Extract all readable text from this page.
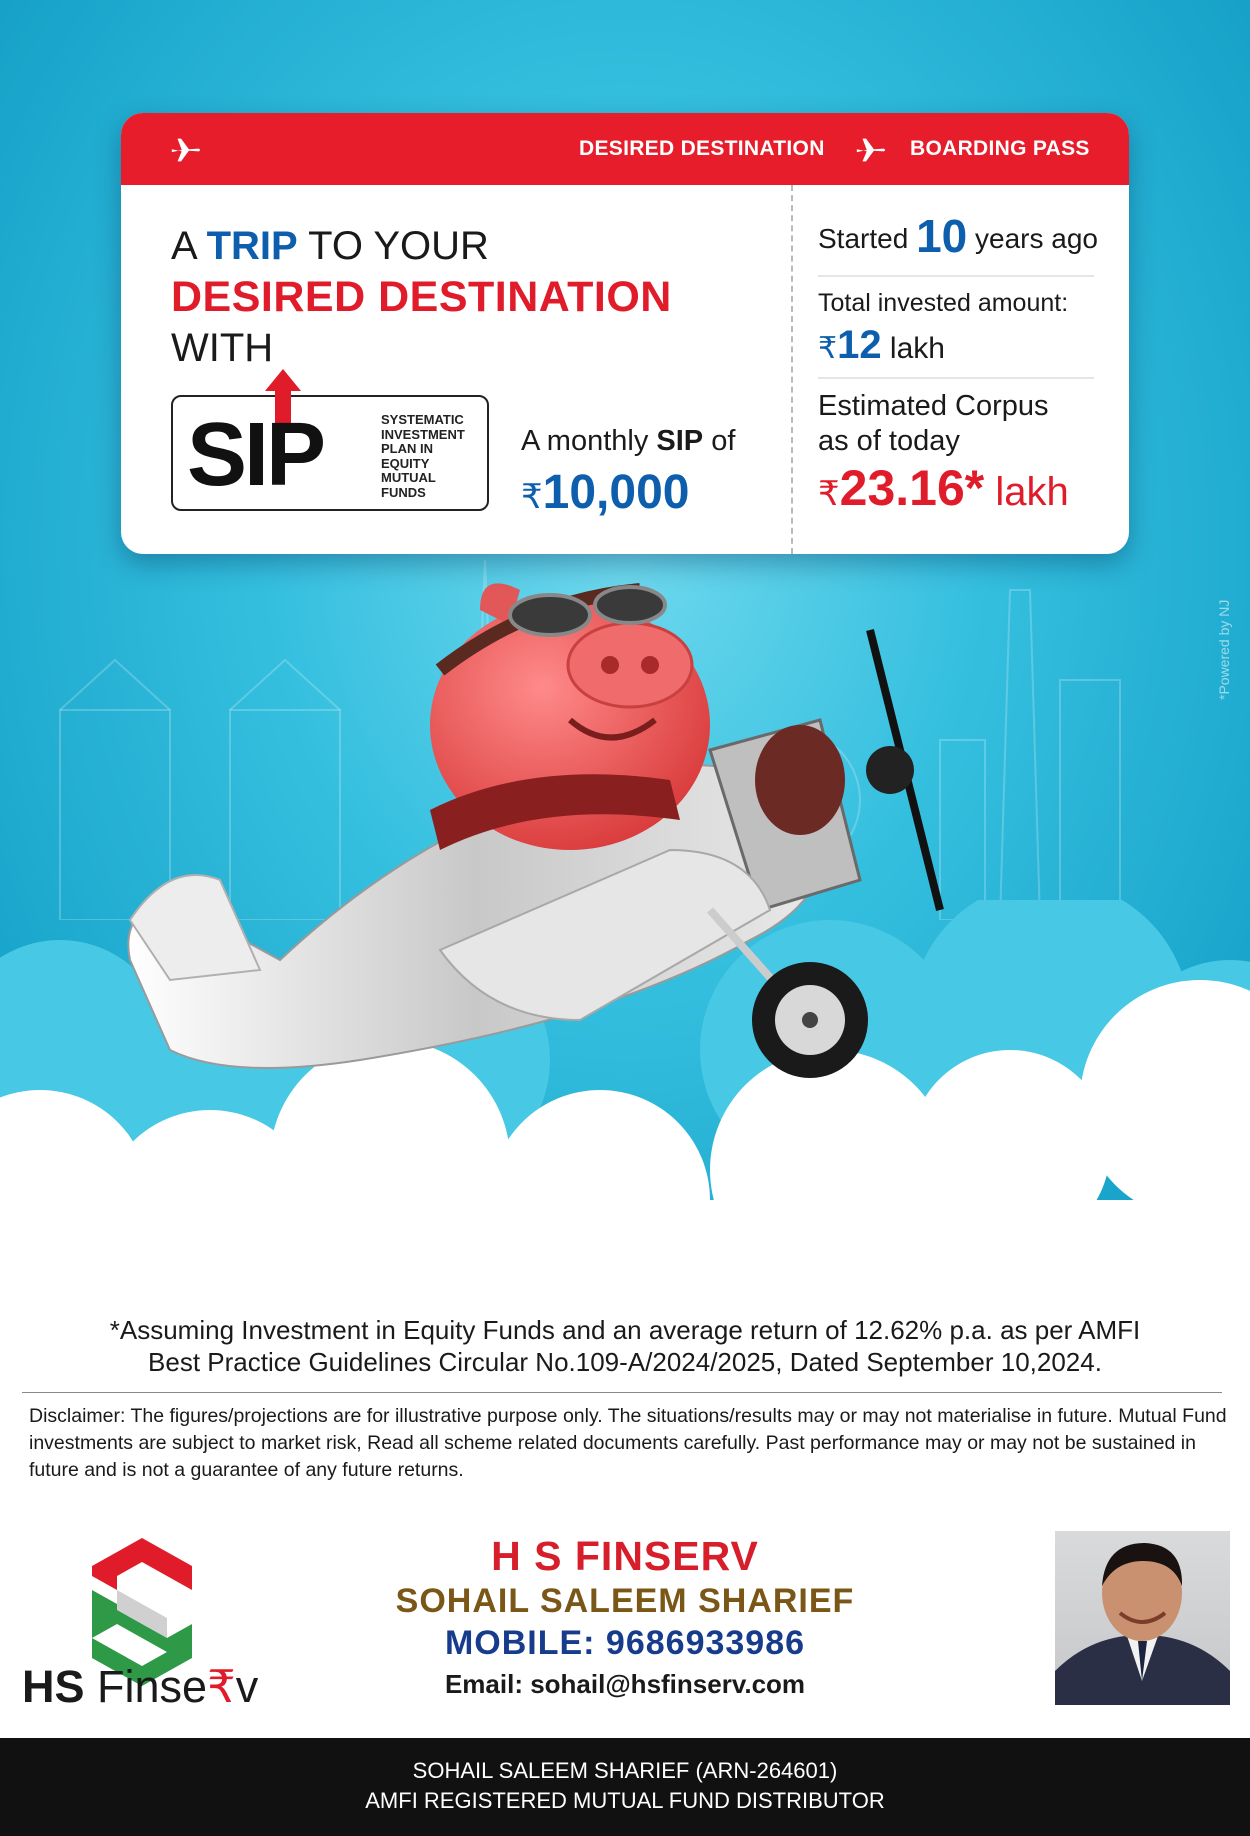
DESIRED DESTINATION	BOARDING PASS
A TRIP TO YOUR
DESIRED DESTINATION
WITH
SIP	SYSTEMATIC
INVESTMENT
PLAN IN
EQUITY
MUTUAL
FUNDS
A monthly SIP of
₹10,000
Started 10 years ago
Total invested amount:
₹12 lakh
Estimated Corpus
as of today
₹23.16* lakh
*Powered by NJ
*Assuming Investment in Equity Funds and an average return of 12.62% p.a. as per AMFI
Best Practice Guidelines Circular No.109-A/2024/2025, Dated September 10,2024.
Disclaimer: The figures/projections are for illustrative purpose only. The situations/results may or may not materialise in future. Mutual Fund investments are subject to market risk, Read all scheme related documents carefully. Past performance may or may not be sustained in future and is not a guarantee of any future returns.
HS Finse₹v
H S FINSERV
SOHAIL SALEEM SHARIEF
MOBILE: 9686933986
Email: sohail@hsfinserv.com
SOHAIL SALEEM SHARIEF (ARN-264601)
AMFI REGISTERED MUTUAL FUND DISTRIBUTOR
